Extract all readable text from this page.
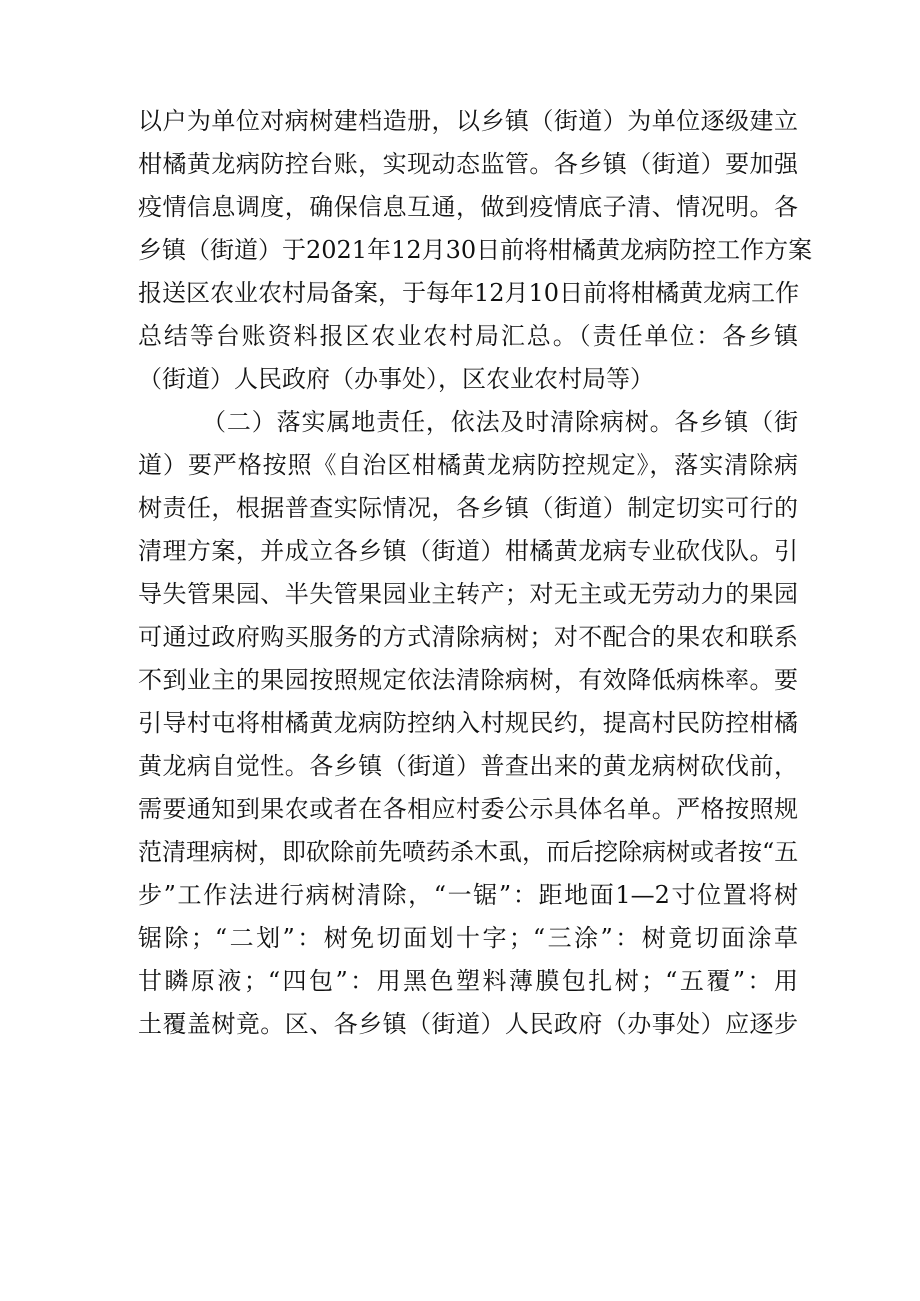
以户为单位对病树建档造册，以乡镇（街道）为单位逐级建立
柑橘黄龙病防控台账，实现动态监管。各乡镇（街道）要加强
疫情信息调度，确保信息互通，做到疫情底子清、情况明。各
乡镇（街道）于2021年12月30日前将柑橘黄龙病防控工作方案
报送区农业农村局备案，于每年12月10日前将柑橘黄龙病工作
总结等台账资料报区农业农村局汇总。（责任单位：各乡镇
（街道）人民政府（办事处），区农业农村局等）
（二）落实属地责任，依法及时清除病树。各乡镇（街
道）要严格按照《自治区柑橘黄龙病防控规定》，落实清除病
树责任，根据普查实际情况，各乡镇（街道）制定切实可行的
清理方案，并成立各乡镇（街道）柑橘黄龙病专业砍伐队。引
导失管果园、半失管果园业主转产；对无主或无劳动力的果园
可通过政府购买服务的方式清除病树；对不配合的果农和联系
不到业主的果园按照规定依法清除病树，有效降低病株率。要
引导村屯将柑橘黄龙病防控纳入村规民约，提高村民防控柑橘
黄龙病自觉性。各乡镇（街道）普查出来的黄龙病树砍伐前，
需要通知到果农或者在各相应村委公示具体名单。严格按照规
范清理病树，即砍除前先喷药杀木虱，而后挖除病树或者按“五
步”工作法进行病树清除，“一锯”：距地面1—2寸位置将树
锯除；“二划”：树免切面划十字；“三涂”：树竟切面涂草
甘瞵原液；“四包”：用黑色塑料薄膜包扎树；“五覆”：用
土覆盖树竟。区、各乡镇（街道）人民政府（办事处）应逐步
